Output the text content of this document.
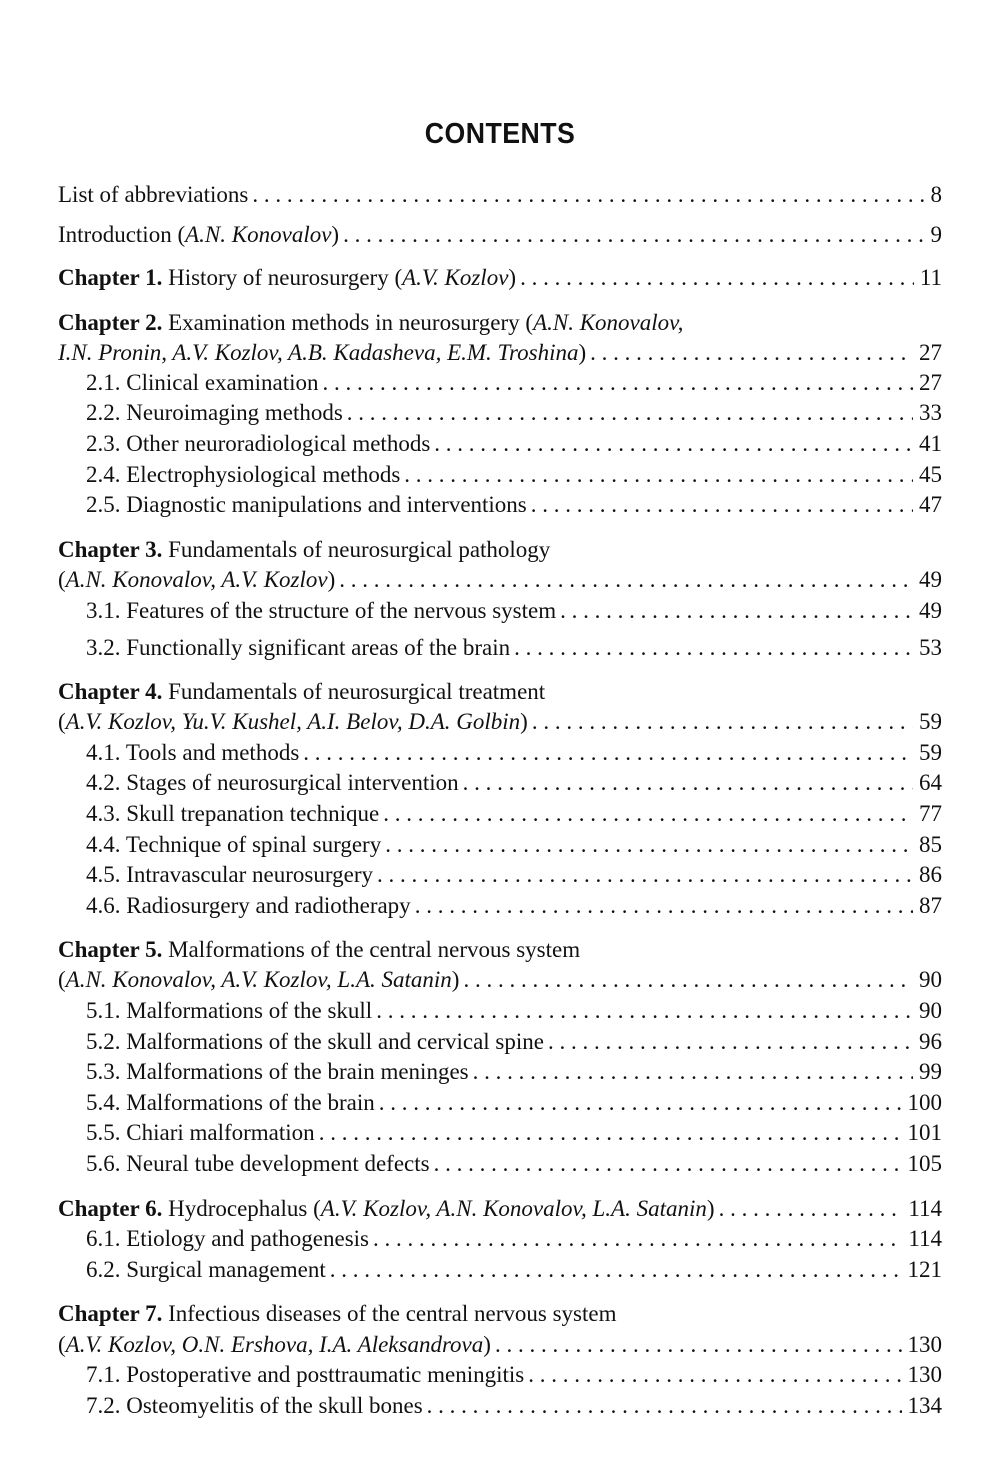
CONTENTS
List of abbreviations . . .	8
Introduction (A.N. Konovalov) . . .	9
Chapter 1. History of neurosurgery (A.V. Kozlov) . . .	11
Chapter 2. Examination methods in neurosurgery (A.N. Konovalov,
I.N. Pronin, A.V. Kozlov, A.B. Kadasheva, E.M. Troshina) . . .	27
2.1. Clinical examination . . .	27
2.2. Neuroimaging methods . . .	33
2.3. Other neuroradiological methods . . .	41
2.4. Electrophysiological methods . . .	45
2.5. Diagnostic manipulations and interventions . . .	47
Chapter 3. Fundamentals of neurosurgical pathology
(A.N. Konovalov, A.V. Kozlov) . . .	49
3.1. Features of the structure of the nervous system . . .	49
3.2. Functionally significant areas of the brain . . .	53
Chapter 4. Fundamentals of neurosurgical treatment
(A.V. Kozlov, Yu.V. Kushel, A.I. Belov, D.A. Golbin) . . .	59
4.1. Tools and methods . . .	59
4.2. Stages of neurosurgical intervention . . .	64
4.3. Skull trepanation technique . . .	77
4.4. Technique of spinal surgery . . .	85
4.5. Intravascular neurosurgery . . .	86
4.6. Radiosurgery and radiotherapy . . .	87
Chapter 5. Malformations of the central nervous system
(A.N. Konovalov, A.V. Kozlov, L.A. Satanin) . . .	90
5.1. Malformations of the skull . . .	90
5.2. Malformations of the skull and cervical spine . . .	96
5.3. Malformations of the brain meninges . . .	99
5.4. Malformations of the brain . . .	100
5.5. Chiari malformation . . .	101
5.6. Neural tube development defects . . .	105
Chapter 6. Hydrocephalus (A.V. Kozlov, A.N. Konovalov, L.A. Satanin) . . .	114
6.1. Etiology and pathogenesis . . .	114
6.2. Surgical management . . .	121
Chapter 7. Infectious diseases of the central nervous system
(A.V. Kozlov, O.N. Ershova, I.A. Aleksandrova) . . .	130
7.1. Postoperative and posttraumatic meningitis . . .	130
7.2. Osteomyelitis of the skull bones . . .	134
